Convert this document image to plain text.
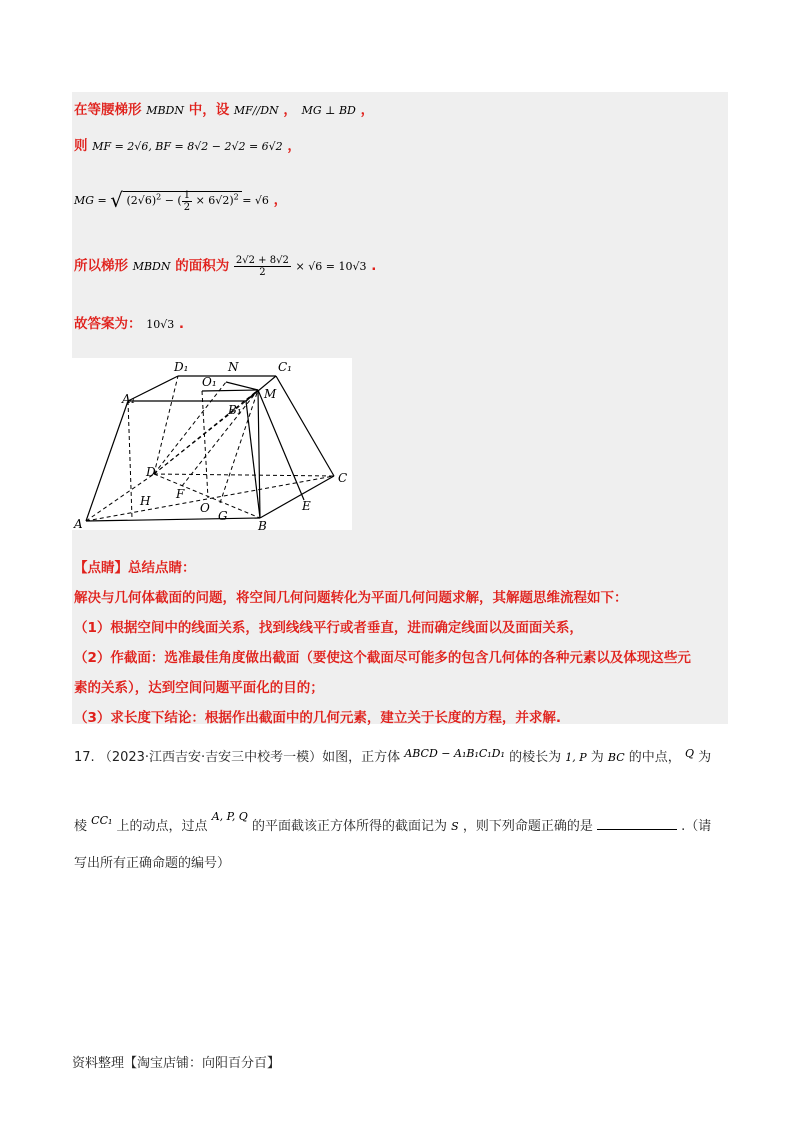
在等腰梯形 MBDN 中，设 MF//DN ， MG ⊥ BD ，
则 MF = 2√6, BF = 8√2 − 2√2 = 6√2 ，
MG = √ $(2√6)^2$ − ( $\frac{1}{2} \times 6√2)^2 = √6$ ，
所以梯形 MBDN 的面积为 $\frac{2√2 + 8√2}{2} \times √6 = 10√3$ .
故答案为： 10√3 .
D₁	N	C₁
O₁
A₁
B₁
M
D	C
H F
O
G
E
A	B
【点睛】总结点睛：
解决与几何体截面的问题，将空间几何问题转化为平面几何问题求解，其解题思维流程如下：
（1）根据空间中的线面关系，找到线线平行或者垂直，进而确定线面以及面面关系，
（2）作截面：选准最佳角度做出截面（要使这个截面尽可能多的包含几何体的各种元素以及体现这些元
素的关系），达到空间问题平面化的目的；
（3）求长度下结论：根据作出截面中的几何元素，建立关于长度的方程，并求解.
17. （2023·江西吉安·吉安三中校考一模）如图，正方体 $^{ABCD - A_1B_1C_1D_1}$ 的棱长为 1, P 为 BC 的中点， $^Q$ 为
棱 $^{CC_1}$ 上的动点，过点 $^{A, P, Q}$ 的平面截该正方体所得的截面记为 S ，则下列命题正确的是	.（请
写出所有正确命题的编号）
资料整理【淘宝店铺：向阳百分百】
